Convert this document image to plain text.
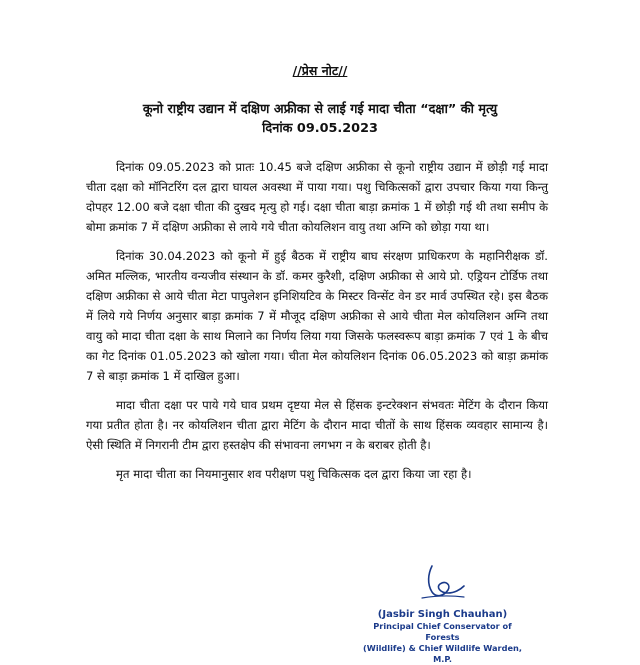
//प्रेस नोट//
कूनो राष्ट्रीय उद्यान में दक्षिण अफ्रीका से लाई गई मादा चीता “दक्षा” की मृत्यु
दिनांक 09.05.2023

दिनांक 09.05.2023 को प्रातः 10.45 बजे दक्षिण अफ्रीका से कूनो राष्ट्रीय उद्यान में छोड़ी गई मादा चीता दक्षा को मॉनिटरिंग दल द्वारा घायल अवस्था में पाया गया। पशु चिकित्सकों द्वारा उपचार किया गया किन्तु दोपहर 12.00 बजे दक्षा चीता की दुखद मृत्यु हो गई। दक्षा चीता बाड़ा क्रमांक 1 में छोड़ी गई थी तथा समीप के बोमा क्रमांक 7 में दक्षिण अफ्रीका से लाये गये चीता कोयलिशन वायु तथा अग्नि को छोड़ा गया था।

दिनांक 30.04.2023 को कूनो में हुई बैठक में राष्ट्रीय बाघ संरक्षण प्राधिकरण के महानिरीक्षक डॉ. अमित मल्लिक, भारतीय वन्यजीव संस्थान के डॉ. कमर कुरैशी, दक्षिण अफ्रीका से आये प्रो. एड्रियन टोर्डिफ तथा दक्षिण अफ्रीका से आये चीता मेटा पापुलेशन इनिशियटिव के मिस्टर विन्सेंट वेन डर मार्व उपस्थित रहे। इस बैठक में लिये गये निर्णय अनुसार बाड़ा क्रमांक 7 में मौजूद दक्षिण अफ्रीका से आये चीता मेल कोयलिशन अग्नि तथा वायु को मादा चीता दक्षा के साथ मिलाने का निर्णय लिया गया जिसके फलस्वरूप बाड़ा क्रमांक 7 एवं 1 के बीच का गेट दिनांक 01.05.2023 को खोला गया। चीता मेल कोयलिशन दिनांक 06.05.2023 को बाड़ा क्रमांक 7 से बाड़ा क्रमांक 1 में दाखिल हुआ।

मादा चीता दक्षा पर पाये गये घाव प्रथम दृष्टया मेल से हिंसक इन्टरेक्शन संभवतः मेटिंग के दौरान किया गया प्रतीत होता है। नर कोयलिशन चीता द्वारा मेटिंग के दौरान मादा चीतों के साथ हिंसक व्यवहार सामान्य है। ऐसी स्थिति में निगरानी टीम द्वारा हस्तक्षेप की संभावना लगभग न के बराबर होती है।

मृत मादा चीता का नियमानुसार शव परीक्षण पशु चिकित्सक दल द्वारा किया जा रहा है।

(Jasbir Singh Chauhan)
Principal Chief Conservator of Forests
(Wildlife) & Chief Wildlife Warden, M.P.
